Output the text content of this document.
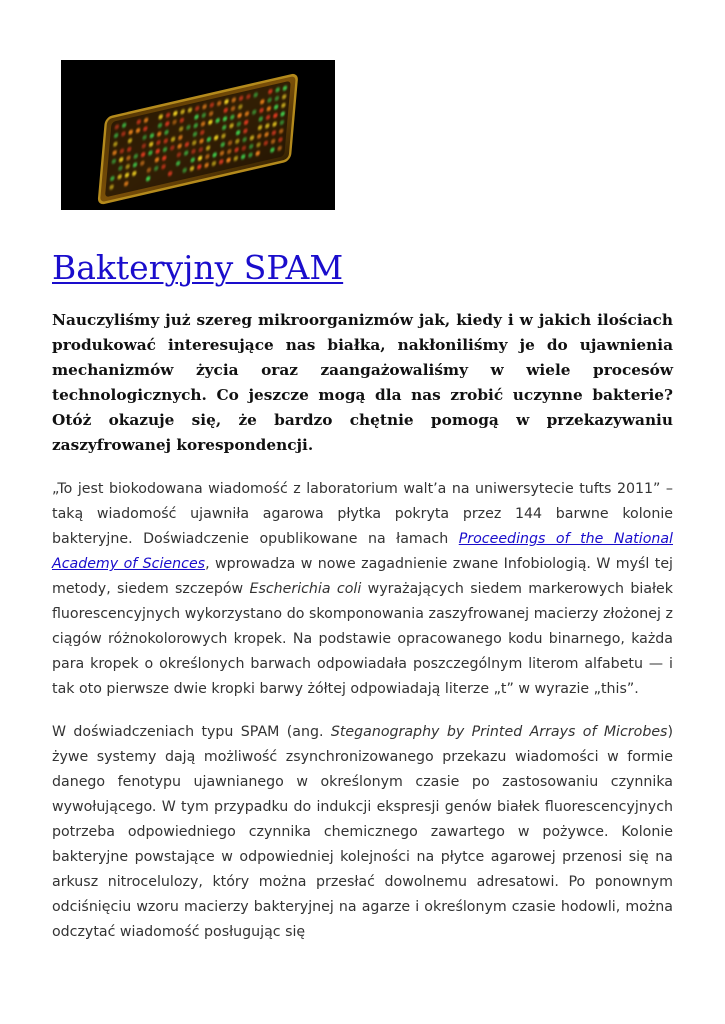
Bakteryjny SPAM

Nauczyliśmy już szereg mikroorganizmów jak, kiedy i w jakich ilościach produkować interesujące nas białka, nakłoniliśmy je do ujawnienia mechanizmów życia oraz zaangażowaliśmy w wiele procesów technologicznych. Co jeszcze mogą dla nas zrobić uczynne bakterie? Otóż okazuje się, że bardzo chętnie pomogą w przekazywaniu zaszyfrowanej korespondencji.

„To jest biokodowana wiadomość z laboratorium walt’a na uniwersytecie tufts 2011” – taką wiadomość ujawniła agarowa płytka pokryta przez 144 barwne kolonie bakteryjne. Doświadczenie opublikowane na łamach Proceedings of the National Academy of Sciences, wprowadza w nowe zagadnienie zwane Infobiologią. W myśl tej metody, siedem szczepów Escherichia coli wyrażających siedem markerowych białek fluorescencyjnych wykorzystano do skomponowania zaszyfrowanej macierzy złożonej z ciągów różnokolorowych kropek. Na podstawie opracowanego kodu binarnego, każda para kropek o określonych barwach odpowiadała poszczególnym literom alfabetu — i tak oto pierwsze dwie kropki barwy żółtej odpowiadają literze „t” w wyrazie „this”.

W doświadczeniach typu SPAM (ang. Steganography by Printed Arrays of Microbes) żywe systemy dają możliwość zsynchronizowanego przekazu wiadomości w formie danego fenotypu ujawnianego w określonym czasie po zastosowaniu czynnika wywołującego. W tym przypadku do indukcji ekspresji genów białek fluorescencyjnych potrzeba odpowiedniego czynnika chemicznego zawartego w pożywce. Kolonie bakteryjne powstające w odpowiedniej kolejności na płytce agarowej przenosi się na arkusz nitrocelulozy, który można przesłać dowolnemu adresatowi. Po ponownym odciśnięciu wzoru macierzy bakteryjnej na agarze i określonym czasie hodowli, można odczytać wiadomość posługując się
